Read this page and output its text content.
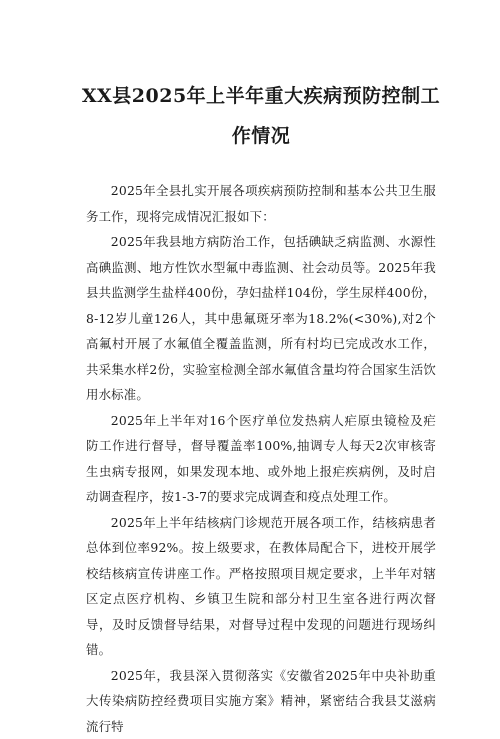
XX县2025年上半年重大疾病预防控制工
作情况

2025年全县扎实开展各项疾病预防控制和基本公共卫生服务工作，现将完成情况汇报如下：

2025年我县地方病防治工作，包括碘缺乏病监测、水源性高碘监测、地方性饮水型氟中毒监测、社会动员等。2025年我县共监测学生盐样400份，孕妇盐样104份，学生尿样400份，8-12岁儿童126人，其中患氟斑牙率为18.2%(<30%),对2个高氟村开展了水氟值全覆盖监测，所有村均已完成改水工作，共采集水样2份，实验室检测全部水氟值含量均符合国家生活饮用水标准。

2025年上半年对16个医疗单位发热病人疟原虫镜检及疟防工作进行督导，督导覆盖率100%,抽调专人每天2次审核寄生虫病专报网，如果发现本地、或外地上报疟疾病例，及时启动调查程序，按1-3-7的要求完成调查和疫点处理工作。

2025年上半年结核病门诊规范开展各项工作，结核病患者总体到位率92%。按上级要求，在教体局配合下，进校开展学校结核病宣传讲座工作。严格按照项目规定要求，上半年对辖区定点医疗机构、乡镇卫生院和部分村卫生室各进行两次督导，及时反馈督导结果，对督导过程中发现的问题进行现场纠错。

2025年，我县深入贯彻落实《安徽省2025年中央补助重大传染病防控经费项目实施方案》精神，紧密结合我县艾滋病流行特
